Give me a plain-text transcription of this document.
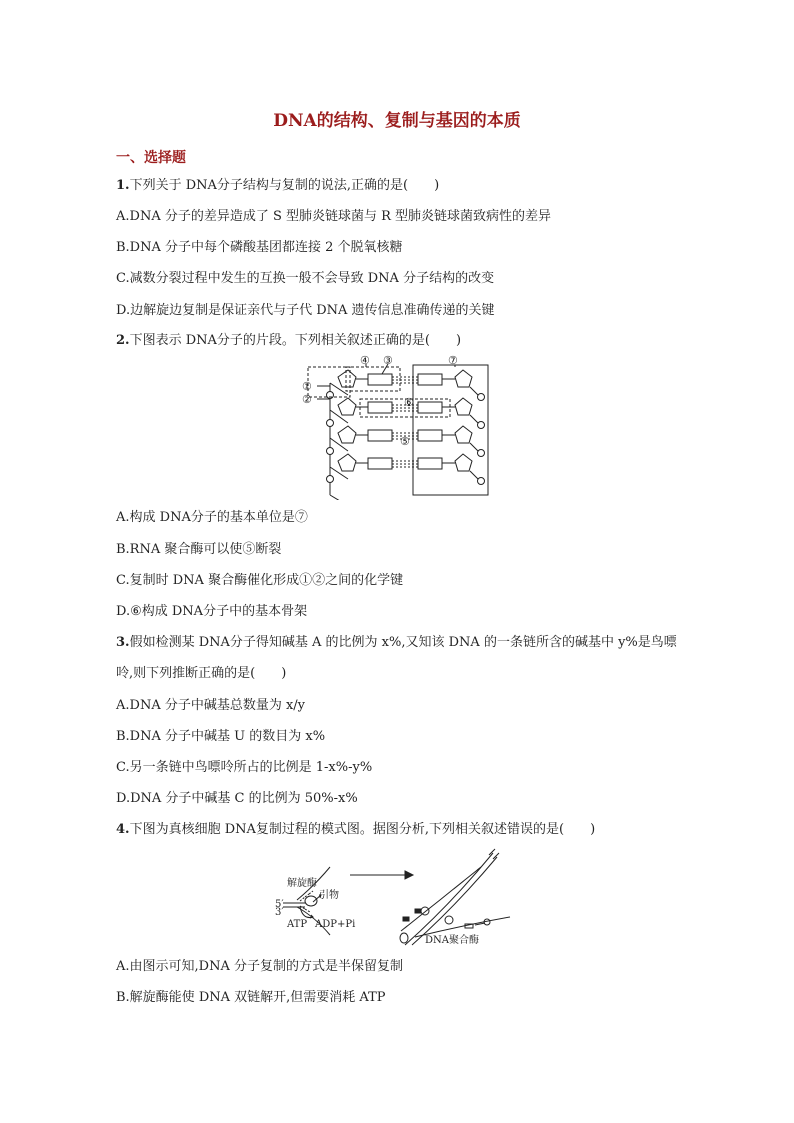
DNA的结构、复制与基因的本质
一、选择题
1.下列关于 DNA分子结构与复制的说法,正确的是(　　)
A.DNA 分子的差异造成了 S 型肺炎链球菌与 R 型肺炎链球菌致病性的差异
B.DNA 分子中每个磷酸基团都连接 2 个脱氧核糖
C.减数分裂过程中发生的互换一般不会导致 DNA 分子结构的改变
D.边解旋边复制是保证亲代与子代 DNA 遗传信息准确传递的关键
2.下图表示 DNA分子的片段。下列相关叙述正确的是(　　)
①
②
③
④
⑤
⑥
⑦
A.构成 DNA分子的基本单位是⑦
B.RNA 聚合酶可以使⑤断裂
C.复制时 DNA 聚合酶催化形成①②之间的化学键
D.⑥构成 DNA分子中的基本骨架
3.假如检测某 DNA分子得知碱基 A 的比例为 x%,又知该 DNA 的一条链所含的碱基中 y%是鸟嘌
呤,则下列推断正确的是(　　)
A.DNA 分子中碱基总数量为 x/y
B.DNA 分子中碱基 U 的数目为 x%
C.另一条链中鸟嘌呤所占的比例是 1-x%-y%
D.DNA 分子中碱基 C 的比例为 50%-x%
4.下图为真核细胞 DNA复制过程的模式图。据图分析,下列相关叙述错误的是(　　)
解旋酶
引物
5′
3′
ATP ADP+Pi
DNA聚合酶
A.由图示可知,DNA 分子复制的方式是半保留复制
B.解旋酶能使 DNA 双链解开,但需要消耗 ATP
